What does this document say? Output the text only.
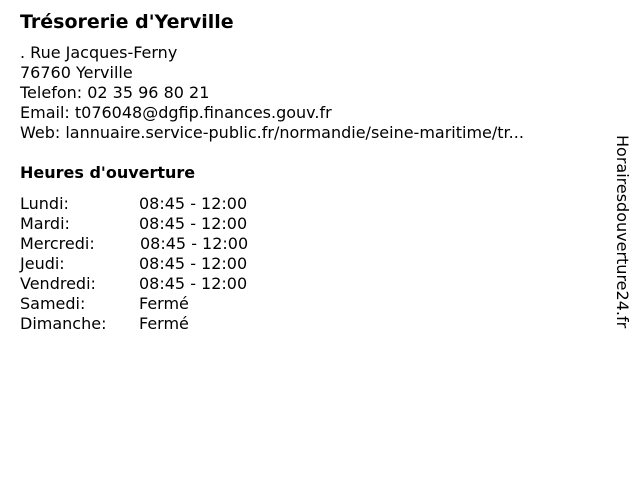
Trésorerie d'Yerville
. Rue Jacques-Ferny
76760 Yerville
Telefon: 02 35 96 80 21
Email: t076048@dgfip.finances.gouv.fr
Web: lannuaire.service-public.fr/normandie/seine-maritime/tr...
Heures d'ouverture
Lundi:	08:45 - 12:00
Mardi:	08:45 - 12:00
Mercredi:	08:45 - 12:00
Jeudi:	08:45 - 12:00
Vendredi:	08:45 - 12:00
Samedi:	Fermé
Dimanche: Fermé	Horairesdouverture24.fr
